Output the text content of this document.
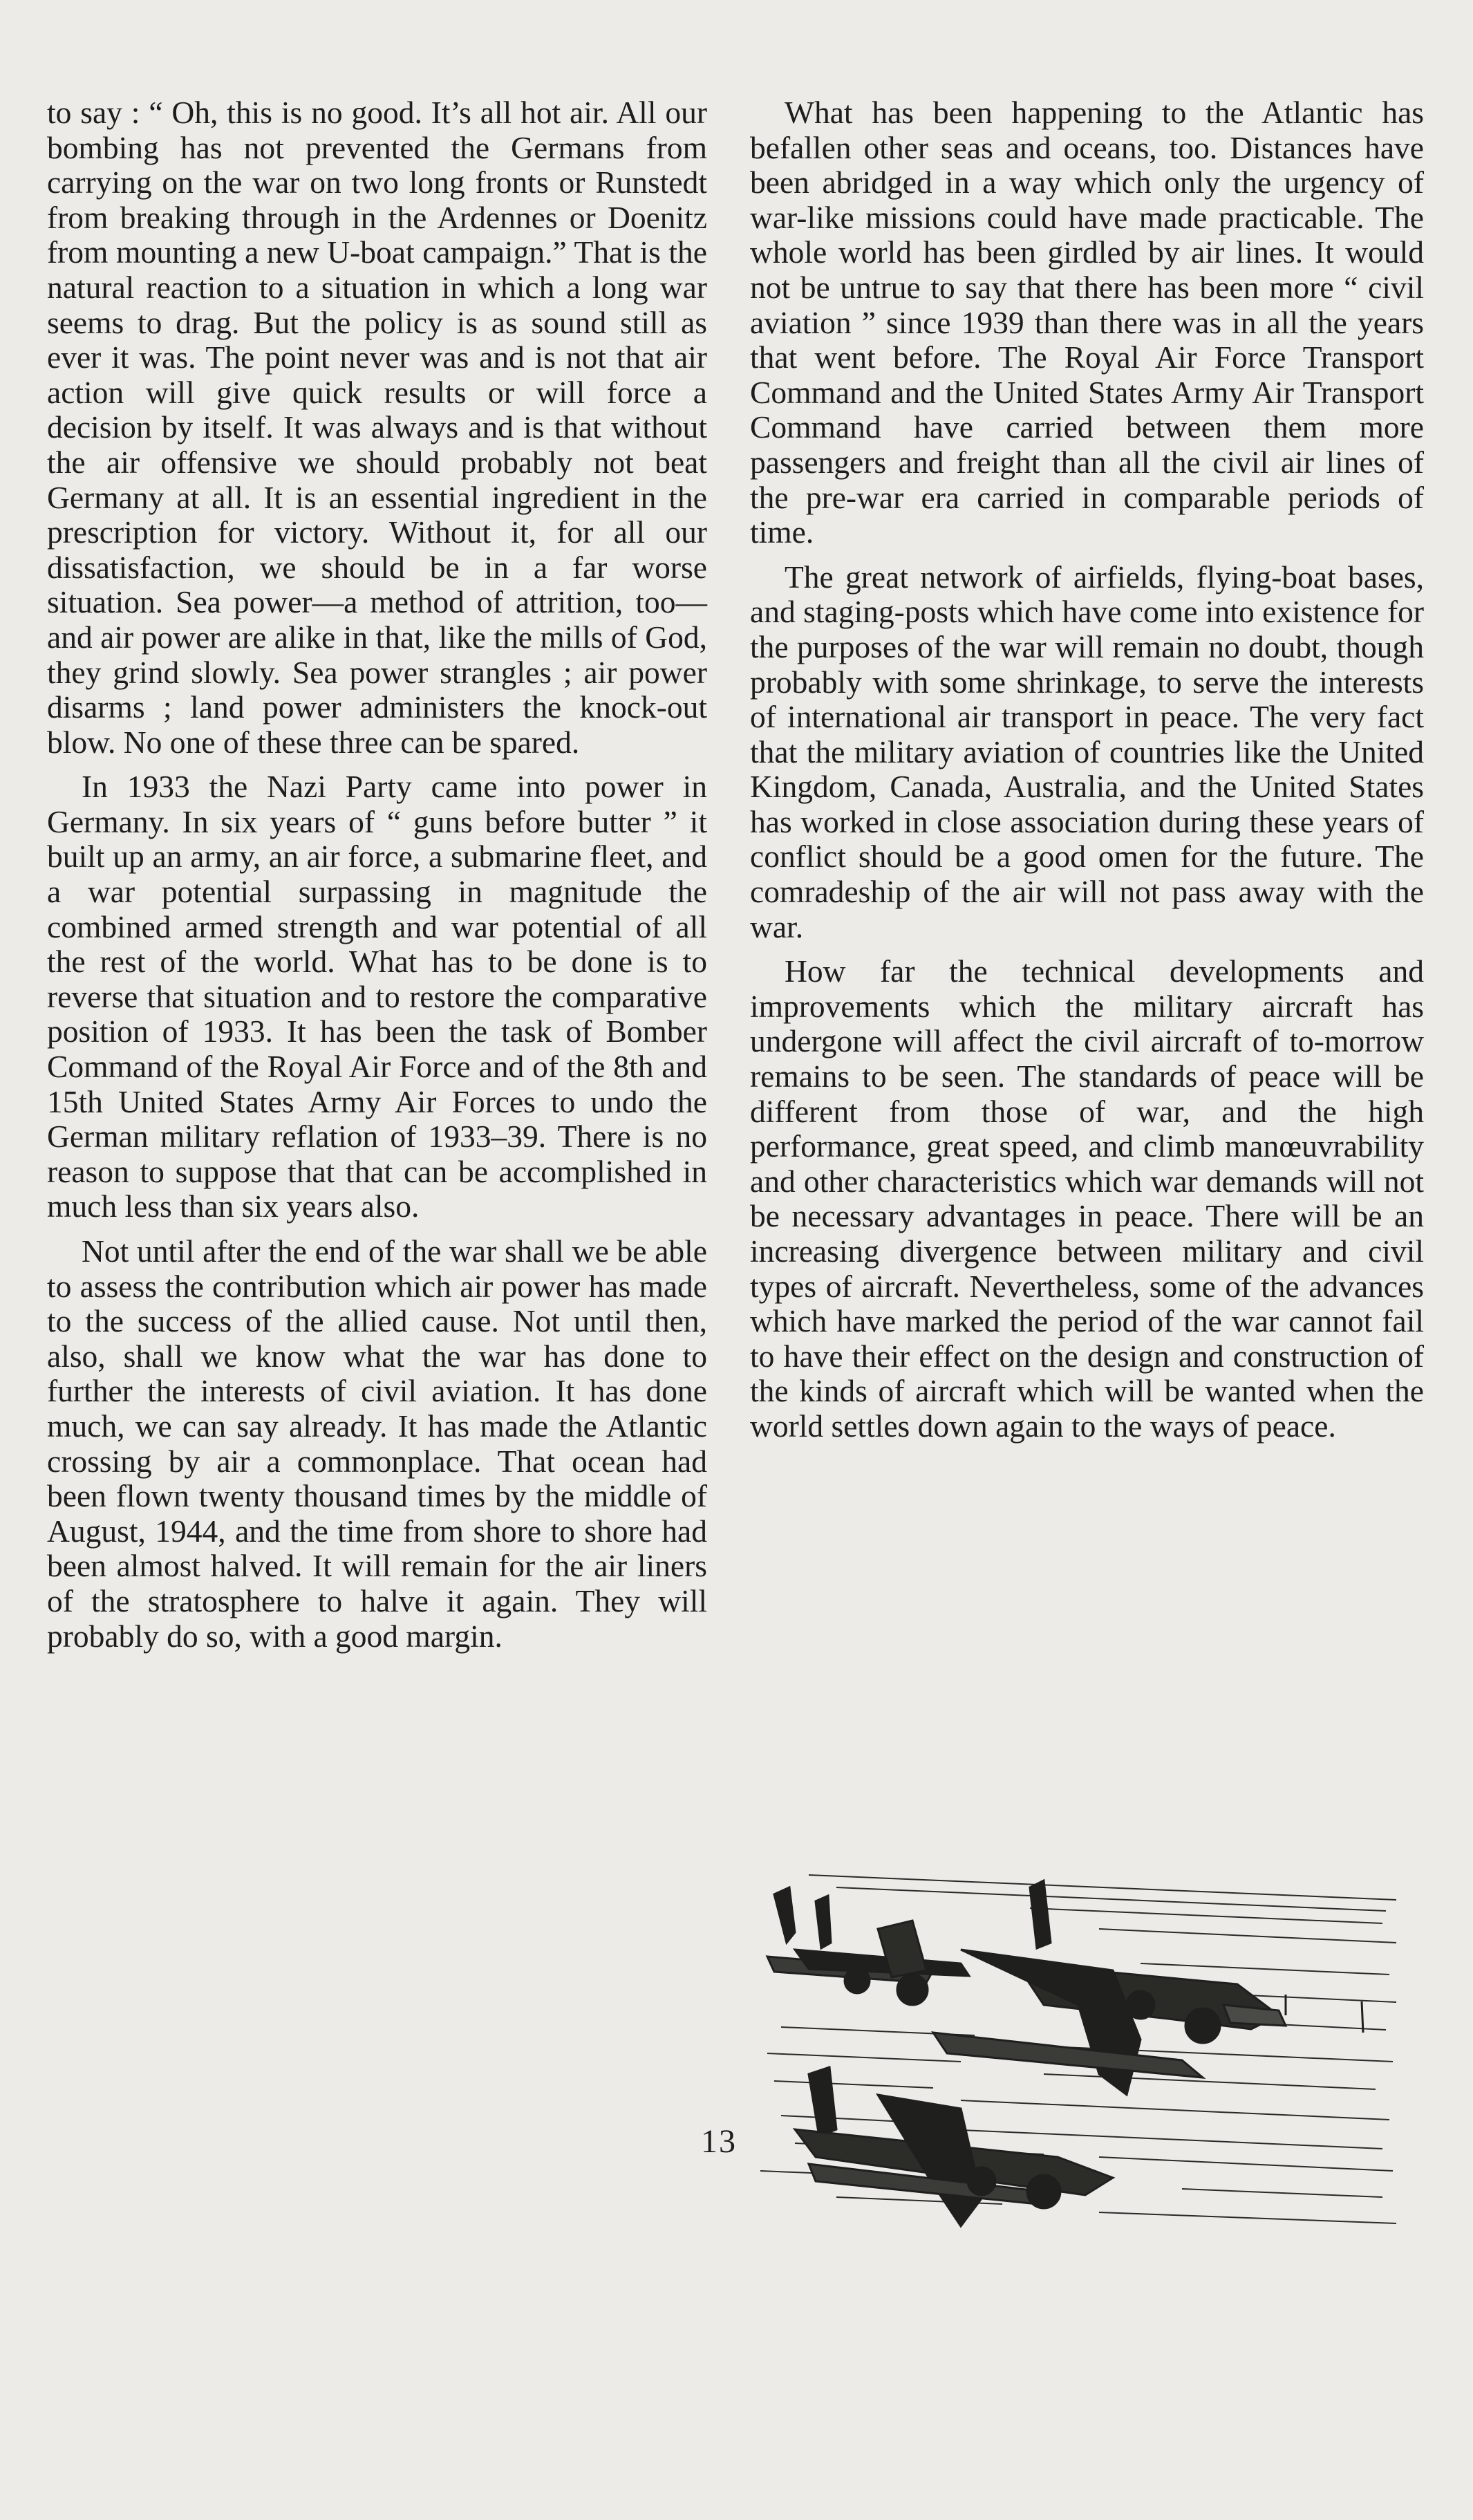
to say : “ Oh, this is no good. It’s all hot air. All our bombing has not prevented the Germans from carrying on the war on two long fronts or Runstedt from breaking through in the Ardennes or Doenitz from mounting a new U-boat campaign.” That is the natural reaction to a situation in which a long war seems to drag. But the policy is as sound still as ever it was. The point never was and is not that air action will give quick results or will force a decision by itself. It was always and is that without the air offensive we should probably not beat Germany at all. It is an essential ingredient in the prescription for victory. Without it, for all our dissatisfaction, we should be in a far worse situation. Sea power—a method of attrition, too—and air power are alike in that, like the mills of God, they grind slowly. Sea power strangles ; air power disarms ; land power administers the knock-out blow. No one of these three can be spared.

In 1933 the Nazi Party came into power in Germany. In six years of “ guns before butter ” it built up an army, an air force, a submarine fleet, and a war potential surpassing in magnitude the combined armed strength and war potential of all the rest of the world. What has to be done is to reverse that situation and to restore the comparative position of 1933. It has been the task of Bomber Command of the Royal Air Force and of the 8th and 15th United States Army Air Forces to undo the German military reflation of 1933–39. There is no reason to suppose that that can be accomplished in much less than six years also.

Not until after the end of the war shall we be able to assess the contribution which air power has made to the success of the allied cause. Not until then, also, shall we know what the war has done to further the interests of civil aviation. It has done much, we can say already. It has made the Atlantic crossing by air a commonplace. That ocean had been flown twenty thousand times by the middle of August, 1944, and the time from shore to shore had been almost halved. It will remain for the air liners of the stratosphere to halve it again. They will probably do so, with a good margin.

What has been happening to the Atlantic has befallen other seas and oceans, too. Distances have been abridged in a way which only the urgency of war-like missions could have made practicable. The whole world has been girdled by air lines. It would not be untrue to say that there has been more “ civil aviation ” since 1939 than there was in all the years that went before. The Royal Air Force Transport Command and the United States Army Air Transport Command have carried between them more passengers and freight than all the civil air lines of the pre-war era carried in comparable periods of time.

The great network of airfields, flying-boat bases, and staging-posts which have come into existence for the purposes of the war will remain no doubt, though probably with some shrinkage, to serve the interests of international air transport in peace. The very fact that the military aviation of countries like the United Kingdom, Canada, Australia, and the United States has worked in close association during these years of conflict should be a good omen for the future. The comradeship of the air will not pass away with the war.

How far the technical developments and improvements which the military aircraft has undergone will affect the civil aircraft of to-morrow remains to be seen. The standards of peace will be different from those of war, and the high performance, great speed, and climb manœuvrability and other characteristics which war demands will not be necessary advantages in peace. There will be an increasing divergence between military and civil types of aircraft. Nevertheless, some of the advances which have marked the period of the war cannot fail to have their effect on the design and construction of the kinds of aircraft which will be wanted when the world settles down again to the ways of peace.

13
